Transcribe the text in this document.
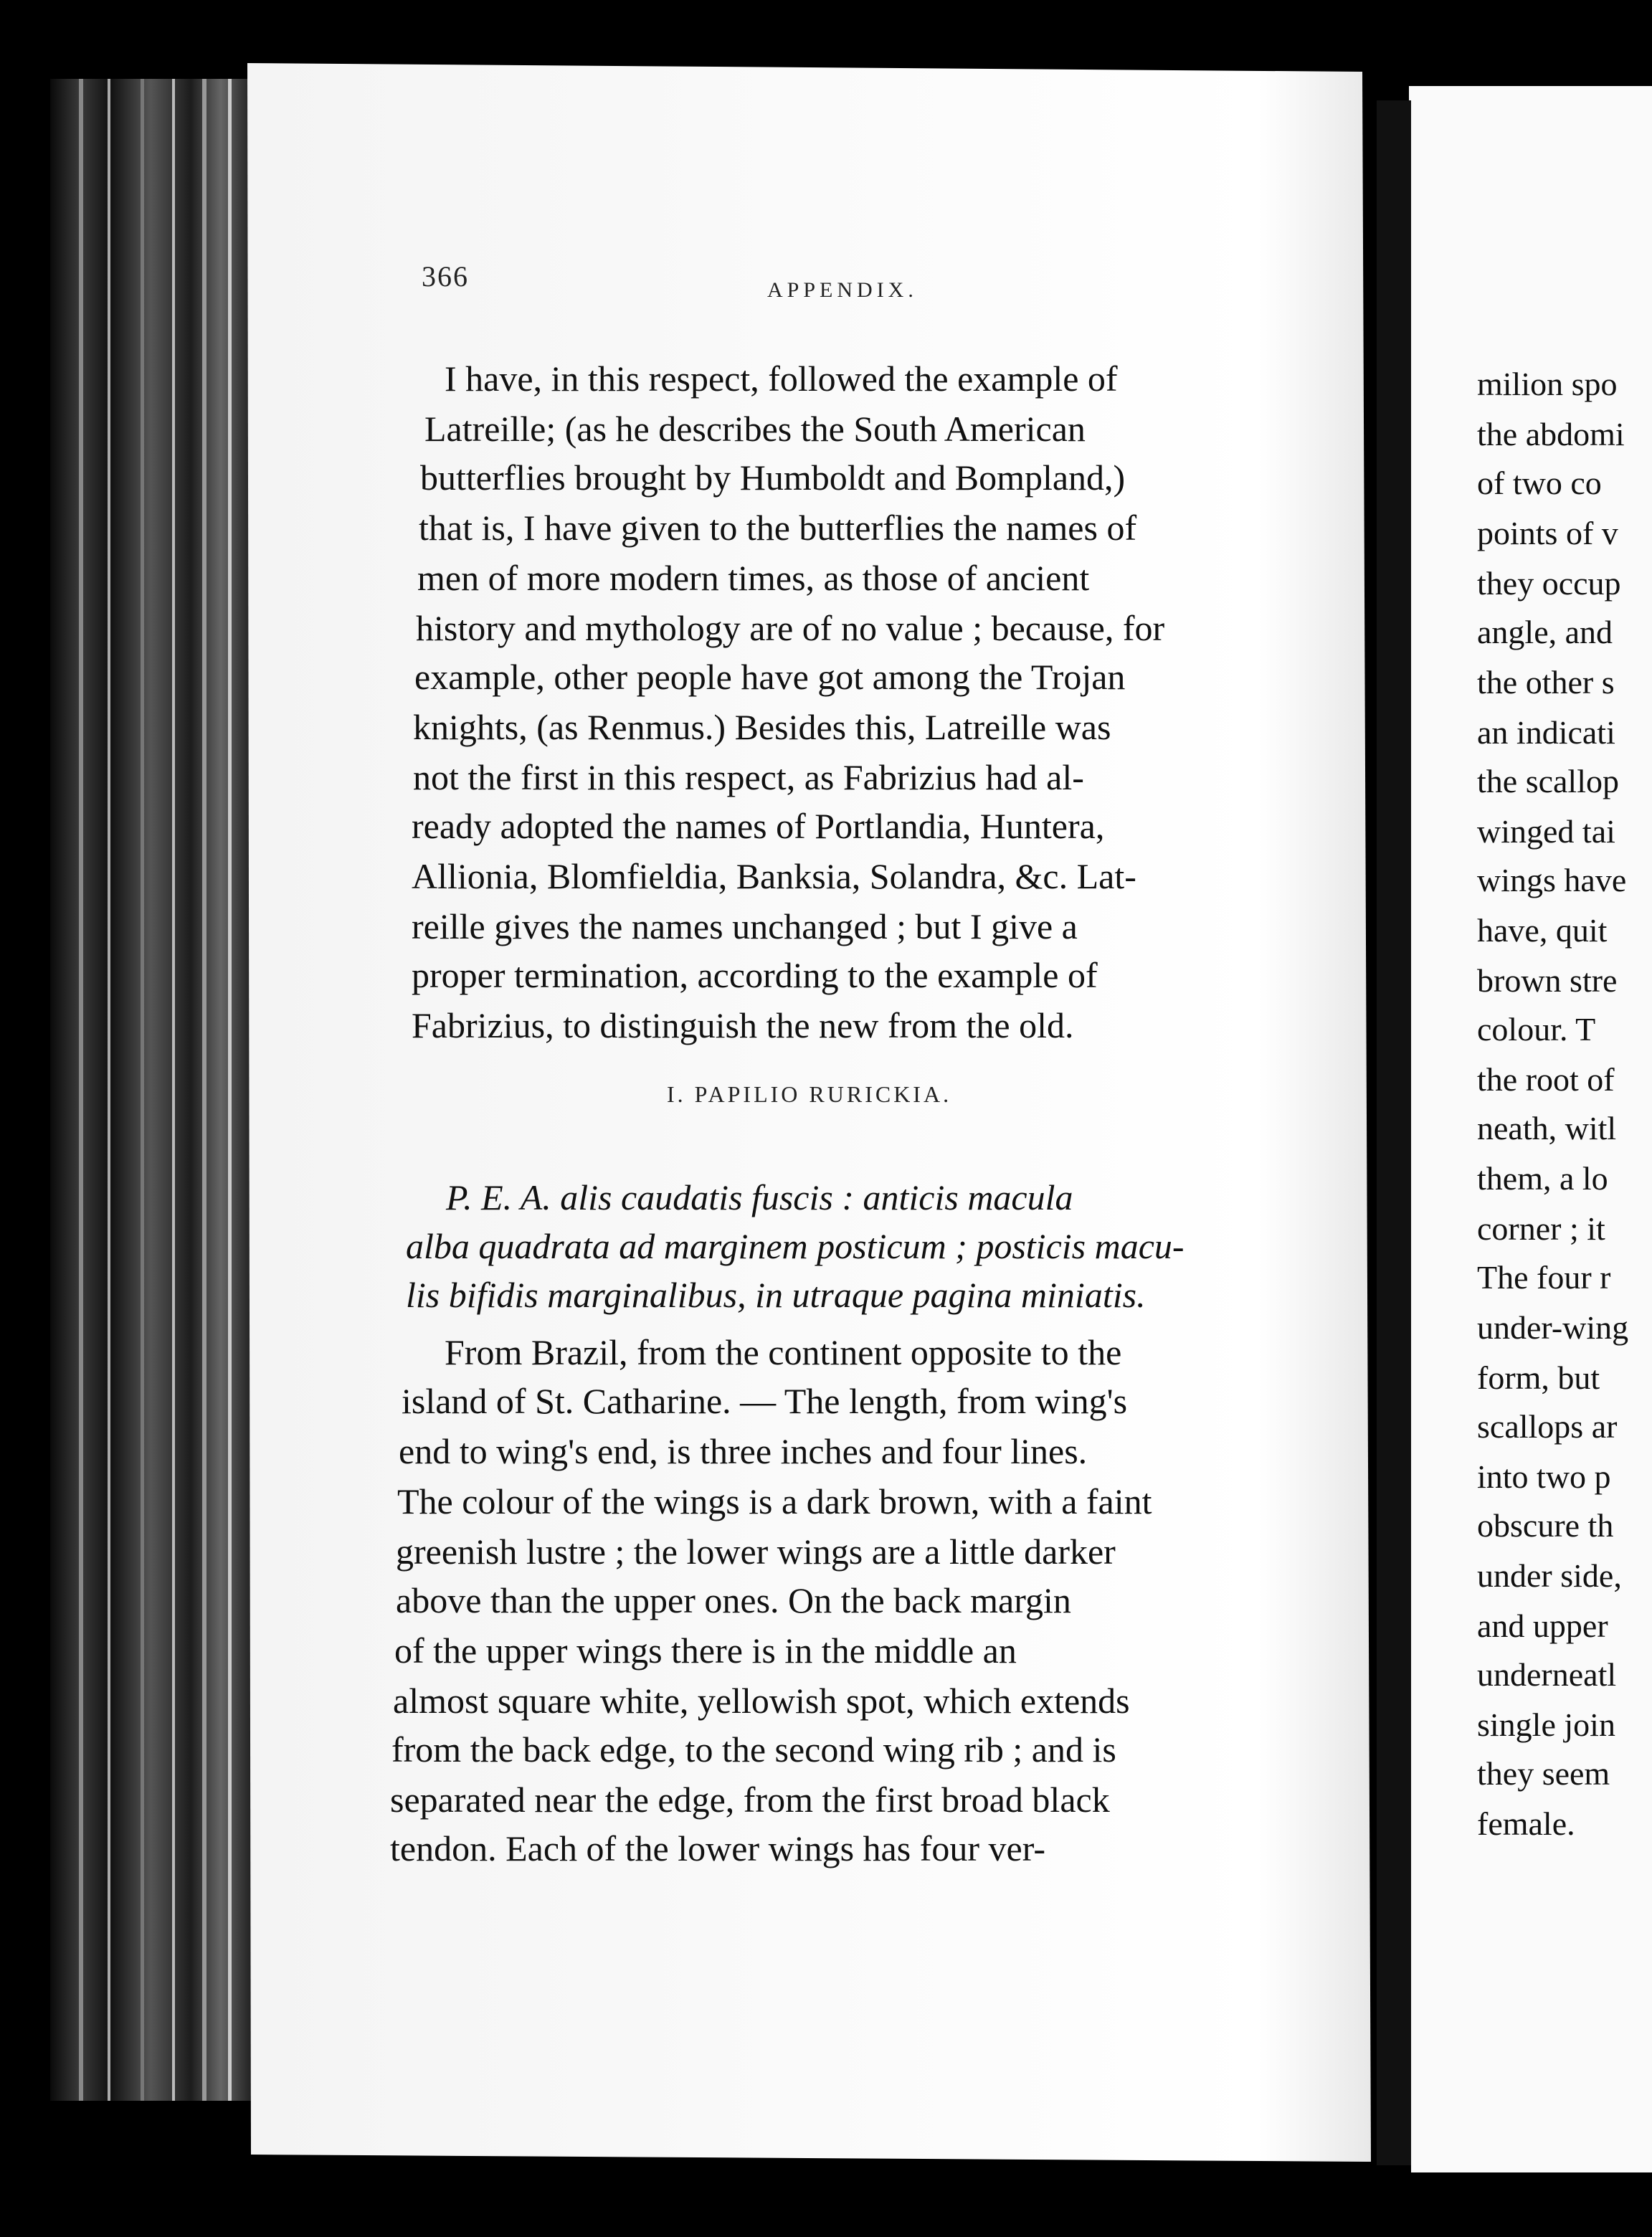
366	APPENDIX.
I have, in this respect, followed the example of
Latreille; (as he describes the South American
butterflies brought by Humboldt and Bompland,)
that is, I have given to the butterflies the names of
men of more modern times, as those of ancient
history and mythology are of no value ; because, for
example, other people have got among the Trojan
knights, (as Renmus.) Besides this, Latreille was
not the first in this respect, as Fabrizius had al-
ready adopted the names of Portlandia, Huntera,
Allionia, Blomfieldia, Banksia, Solandra, &c. Lat-
reille gives the names unchanged ; but I give a
proper termination, according to the example of
Fabrizius, to distinguish the new from the old.
I. PAPILIO RURICKIA.
P. E. A. alis caudatis fuscis : anticis macula
alba quadrata ad marginem posticum ; posticis macu-
lis bifidis marginalibus, in utraque pagina miniatis.
From Brazil, from the continent opposite to the
island of St. Catharine. — The length, from wing's
end to wing's end, is three inches and four lines.
The colour of the wings is a dark brown, with a faint
greenish lustre ; the lower wings are a little darker
above than the upper ones. On the back margin
of the upper wings there is in the middle an
almost square white, yellowish spot, which extends
from the back edge, to the second wing rib ; and is
separated near the edge, from the first broad black
tendon. Each of the lower wings has four ver-
milion spo
the abdomi
of two co
points of v
they occup
angle, and
the other s
an indicati
the scallop
winged tai
wings have
have, quit
brown stre
colour. T
the root of
neath, witl
them, a lo
corner ; it
The four r
under-wing
form, but
scallops ar
into two p
obscure th
under side,
and upper
underneatl
single join
they seem
female.
